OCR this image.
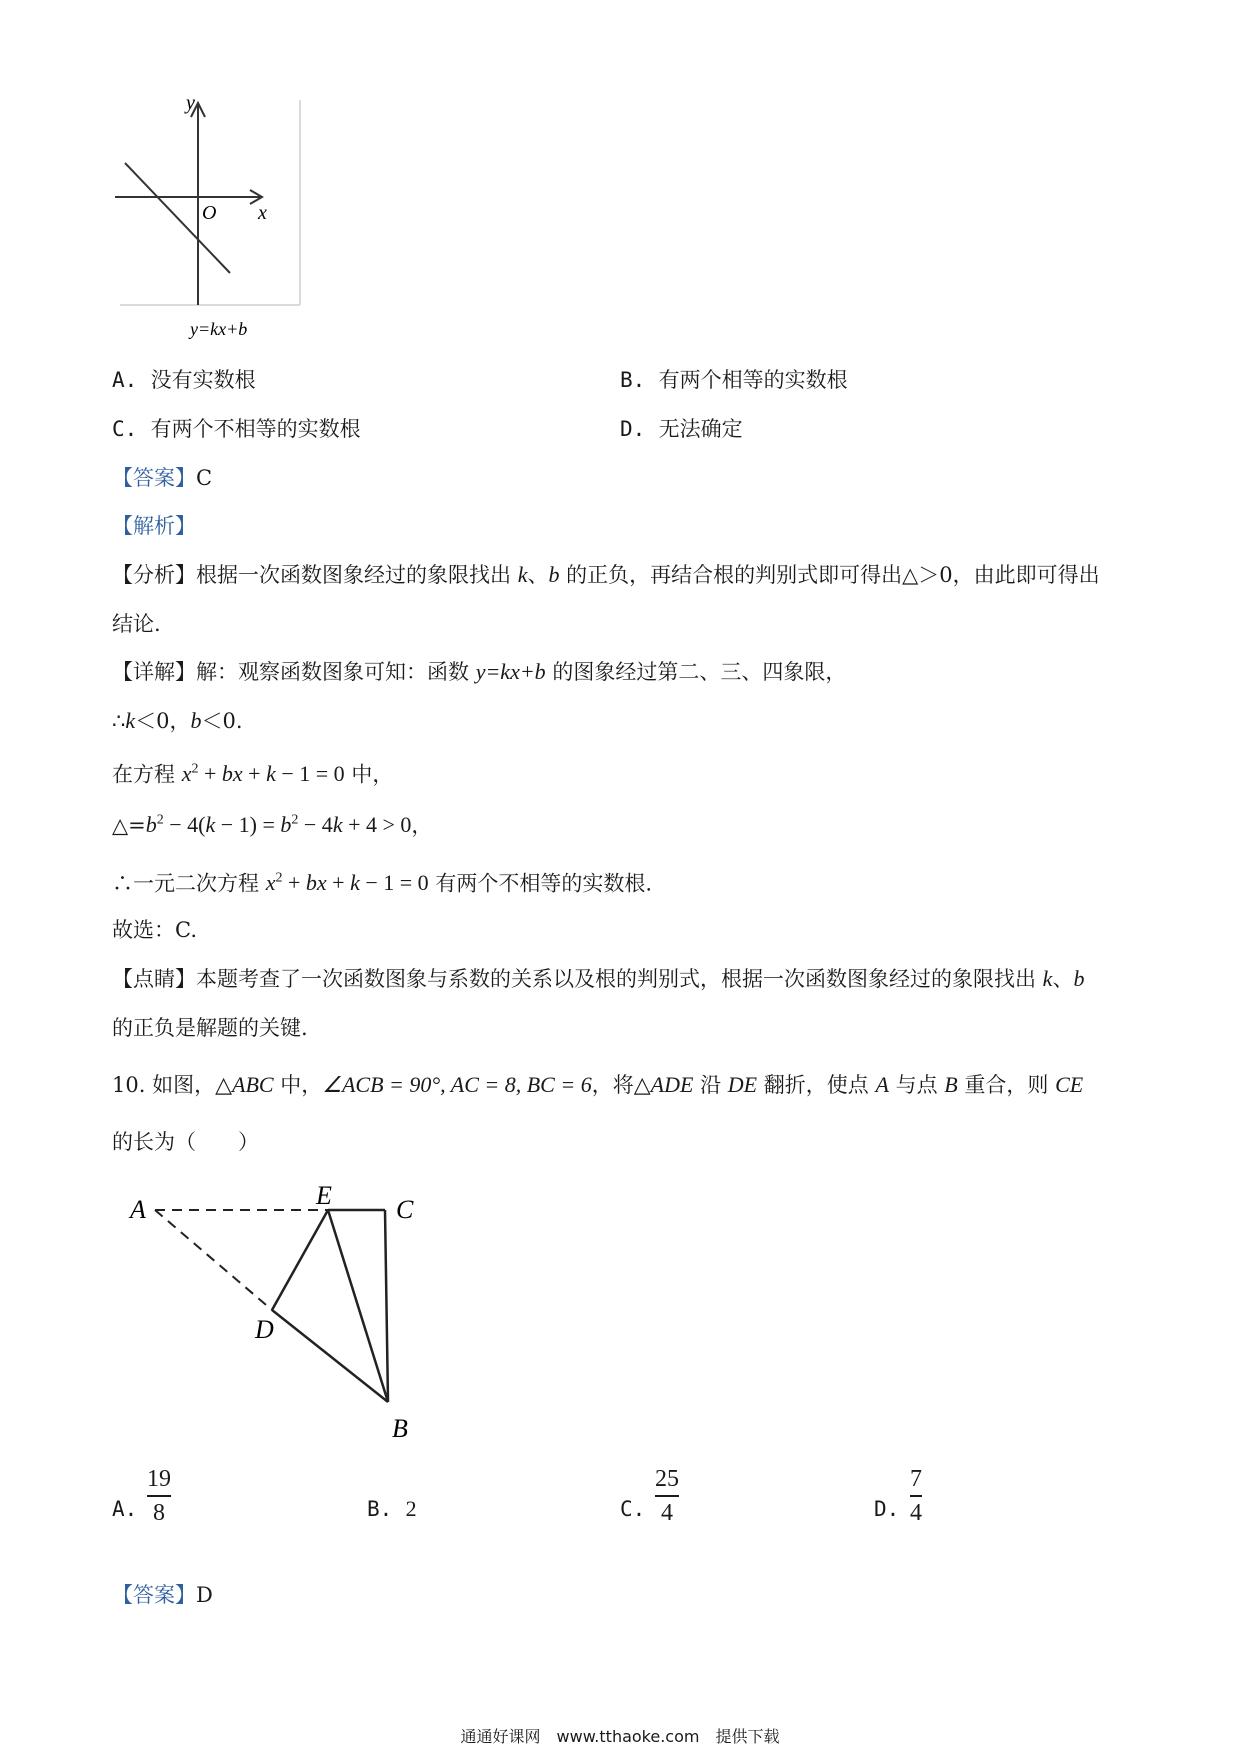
y
x
O
y=kx+b
A. 没有实数根	B. 有两个相等的实数根
C. 有两个不相等的实数根	D. 无法确定
【答案】C
【解析】
【分析】根据一次函数图象经过的象限找出 k、b 的正负，再结合根的判别式即可得出△＞0，由此即可得出
结论.
【详解】解：观察函数图象可知：函数 y=kx+b 的图象经过第二、三、四象限，
∴k＜0，b＜0.
在方程 $x^2$ + bx + k − 1 = 0 中，
$\triangle=b^2 - 4(k - 1) = b^2 - 4k + 4 > 0$，
∴一元二次方程 $x^2$ + bx + k − 1 = 0 有两个不相等的实数根.
故选：C.
【点睛】本题考查了一次函数图象与系数的关系以及根的判别式，根据一次函数图象经过的象限找出 k、b
的正负是解题的关键.
10. 如图，△ABC 中，∠ACB = 90°, AC = 8, BC = 6，将△ADE 沿 DE 翻折，使点 A 与点 B 重合，则 CE
的长为（　　）
A	E C
D
B
A.
19
8	B. 2	C.
25
4	D.
7
4
【答案】D
通通好课网　www.tthaoke.com　提供下载
